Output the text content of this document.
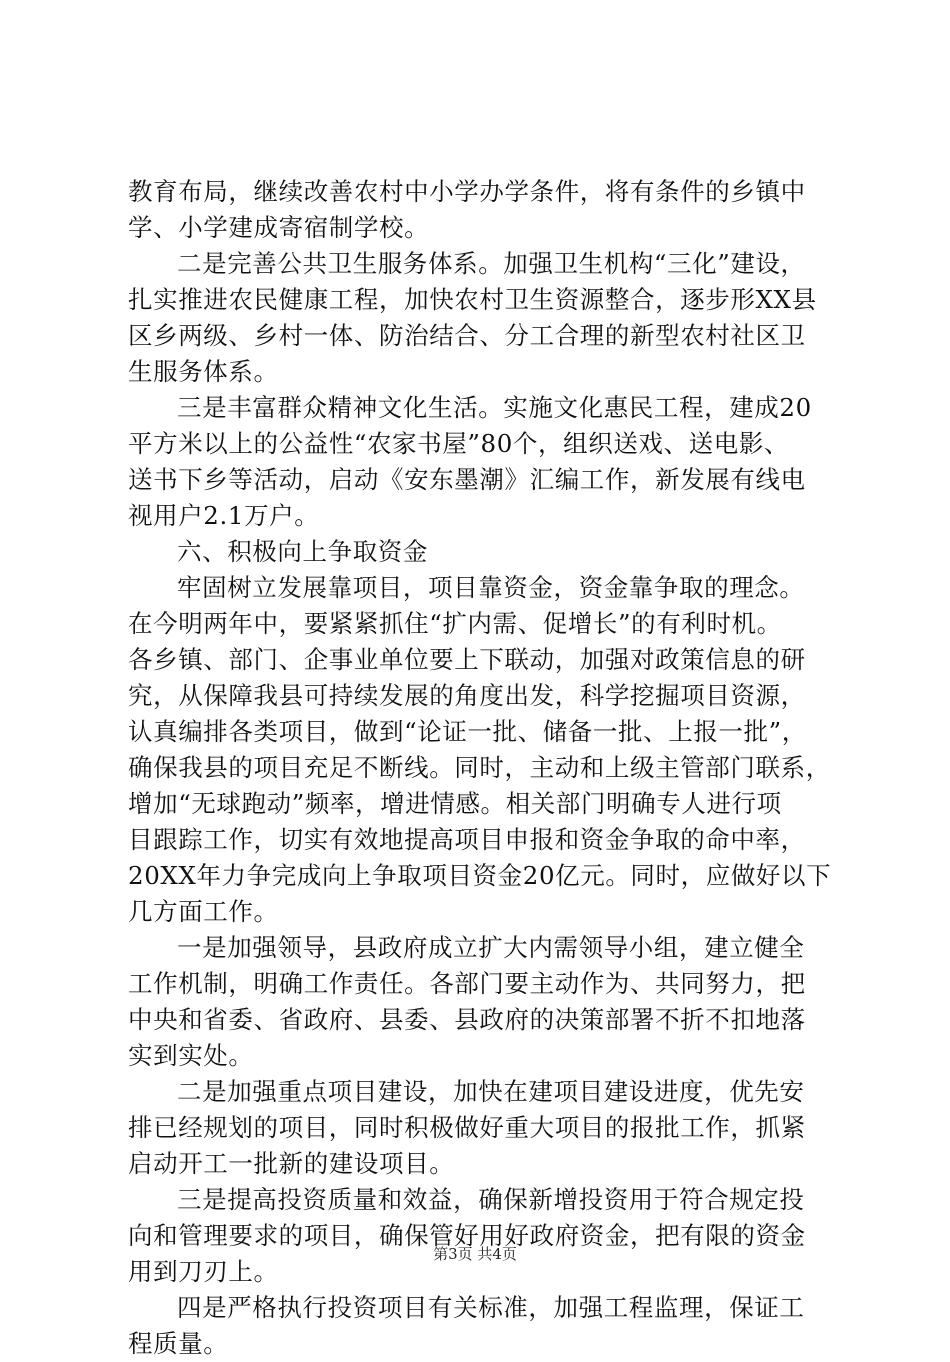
教育布局，继续改善农村中小学办学条件，将有条件的乡镇中
学、小学建成寄宿制学校。
二是完善公共卫生服务体系。加强卫生机构“三化”建设，
扎实推进农民健康工程，加快农村卫生资源整合，逐步形XX县
区乡两级、乡村一体、防治结合、分工合理的新型农村社区卫
生服务体系。
三是丰富群众精神文化生活。实施文化惠民工程，建成20
平方米以上的公益性“农家书屋”80个，组织送戏、送电影、
送书下乡等活动，启动《安东墨潮》汇编工作，新发展有线电
视用户2.1万户。
六、积极向上争取资金
牢固树立发展靠项目，项目靠资金，资金靠争取的理念。
在今明两年中，要紧紧抓住“扩内需、促增长”的有利时机。
各乡镇、部门、企事业单位要上下联动，加强对政策信息的研
究，从保障我县可持续发展的角度出发，科学挖掘项目资源，
认真编排各类项目，做到“论证一批、储备一批、上报一批”，
确保我县的项目充足不断线。同时，主动和上级主管部门联系，
增加“无球跑动”频率，增进情感。相关部门明确专人进行项
目跟踪工作，切实有效地提高项目申报和资金争取的命中率，
20XX年力争完成向上争取项目资金20亿元。同时，应做好以下
几方面工作。
一是加强领导，县政府成立扩大内需领导小组，建立健全
工作机制，明确工作责任。各部门要主动作为、共同努力，把
中央和省委、省政府、县委、县政府的决策部署不折不扣地落
实到实处。
二是加强重点项目建设，加快在建项目建设进度，优先安
排已经规划的项目，同时积极做好重大项目的报批工作，抓紧
启动开工一批新的建设项目。
三是提高投资质量和效益，确保新增投资用于符合规定投
向和管理要求的项目，确保管好用好政府资金，把有限的资金
用到刀刃上。
四是严格执行投资项目有关标准，加强工程监理，保证工
程质量。
第3页 共4页
